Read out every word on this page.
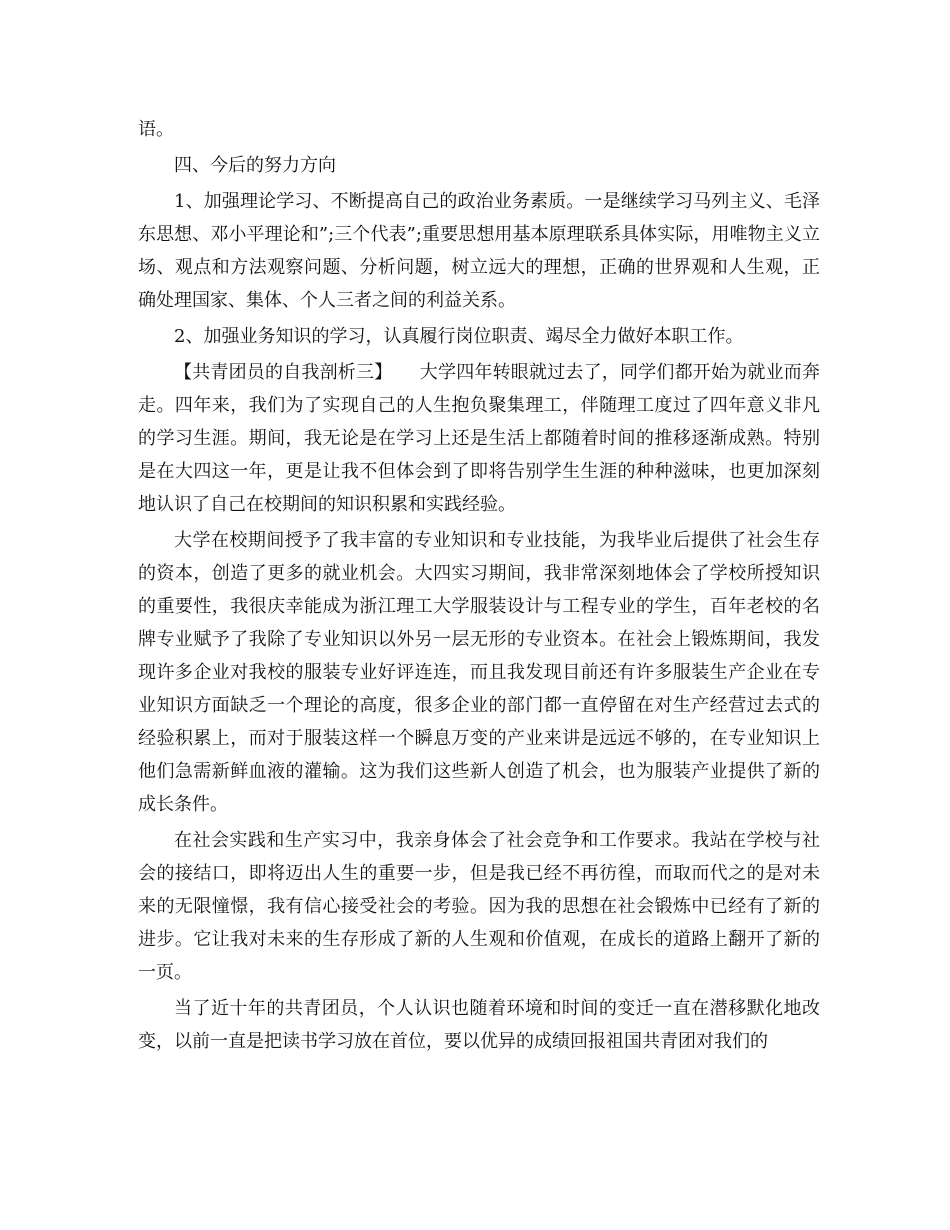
语。

四、今后的努力方向

1、加强理论学习、不断提高自己的政治业务素质。一是继续学习马列主义、毛泽东思想、邓小平理论和”;三个代表”;重要思想用基本原理联系具体实际，用唯物主义立场、观点和方法观察问题、分析问题，树立远大的理想，正确的世界观和人生观，正确处理国家、集体、个人三者之间的利益关系。

2、加强业务知识的学习，认真履行岗位职责、竭尽全力做好本职工作。

【共青团员的自我剖析三】　　大学四年转眼就过去了，同学们都开始为就业而奔走。四年来，我们为了实现自己的人生抱负聚集理工，伴随理工度过了四年意义非凡的学习生涯。期间，我无论是在学习上还是生活上都随着时间的推移逐渐成熟。特别是在大四这一年，更是让我不但体会到了即将告别学生生涯的种种滋味，也更加深刻地认识了自己在校期间的知识积累和实践经验。

大学在校期间授予了我丰富的专业知识和专业技能，为我毕业后提供了社会生存的资本，创造了更多的就业机会。大四实习期间，我非常深刻地体会了学校所授知识的重要性，我很庆幸能成为浙江理工大学服装设计与工程专业的学生，百年老校的名牌专业赋予了我除了专业知识以外另一层无形的专业资本。在社会上锻炼期间，我发现许多企业对我校的服装专业好评连连，而且我发现目前还有许多服装生产企业在专业知识方面缺乏一个理论的高度，很多企业的部门都一直停留在对生产经营过去式的经验积累上，而对于服装这样一个瞬息万变的产业来讲是远远不够的，在专业知识上他们急需新鲜血液的灌输。这为我们这些新人创造了机会，也为服装产业提供了新的成长条件。

在社会实践和生产实习中，我亲身体会了社会竞争和工作要求。我站在学校与社会的接结口，即将迈出人生的重要一步，但是我已经不再彷徨，而取而代之的是对未来的无限憧憬，我有信心接受社会的考验。因为我的思想在社会锻炼中已经有了新的进步。它让我对未来的生存形成了新的人生观和价值观，在成长的道路上翻开了新的一页。

当了近十年的共青团员，个人认识也随着环境和时间的变迁一直在潜移默化地改变，以前一直是把读书学习放在首位，要以优异的成绩回报祖国共青团对我们的
